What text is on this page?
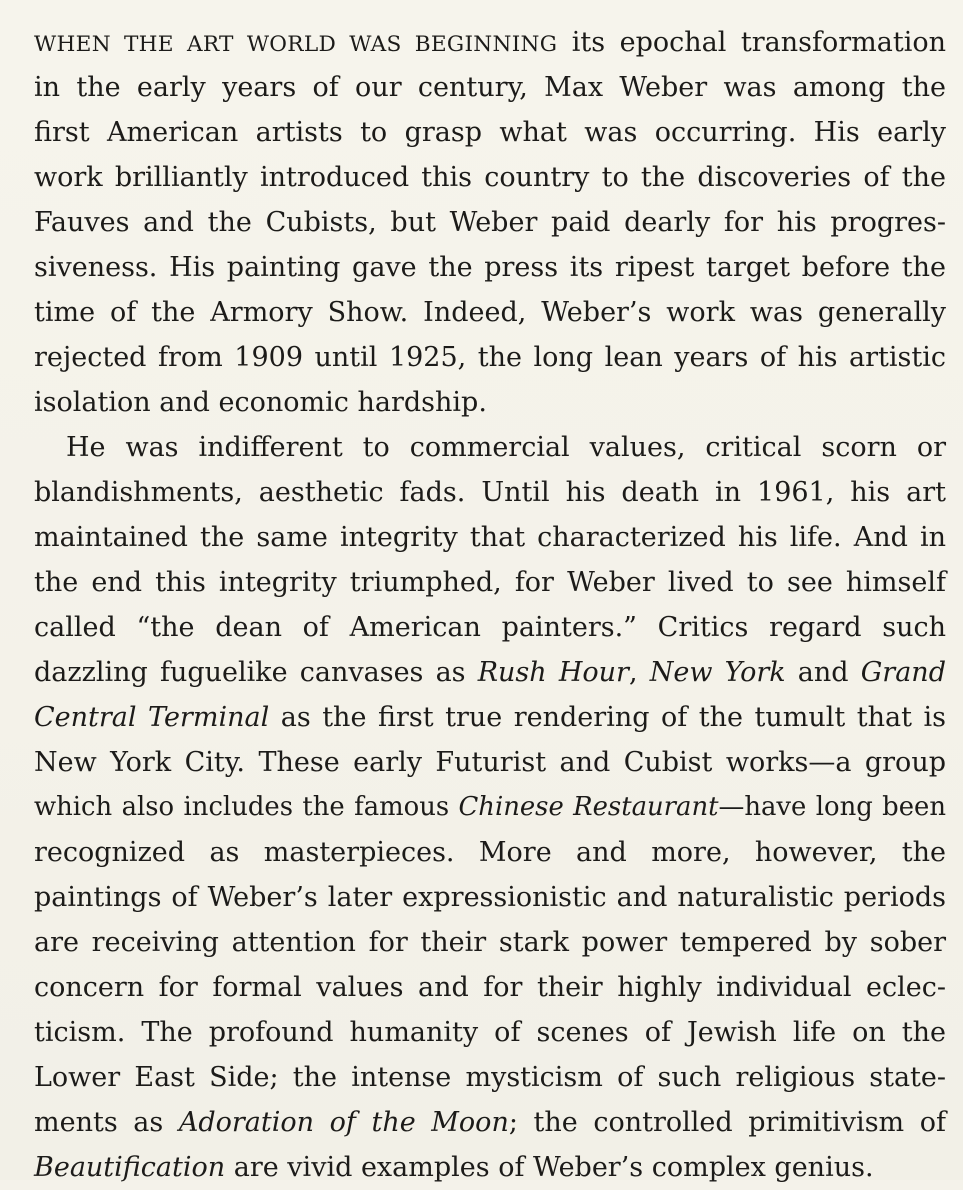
WHEN THE ART WORLD WAS BEGINNING its epochal transformation
in the early years of our century, Max Weber was among the
first American artists to grasp what was occurring. His early
work brilliantly introduced this country to the discoveries of the
Fauves and the Cubists, but Weber paid dearly for his progres-
siveness. His painting gave the press its ripest target before the
time of the Armory Show. Indeed, Weber’s work was generally
rejected from 1909 until 1925, the long lean years of his artistic
isolation and economic hardship.
He was indifferent to commercial values, critical scorn or
blandishments, aesthetic fads. Until his death in 1961, his art
maintained the same integrity that characterized his life. And in
the end this integrity triumphed, for Weber lived to see himself
called “the dean of American painters.” Critics regard such
dazzling fuguelike canvases as Rush Hour, New York and Grand
Central Terminal as the first true rendering of the tumult that is
New York City. These early Futurist and Cubist works—a group
which also includes the famous Chinese Restaurant—have long been
recognized as masterpieces. More and more, however, the
paintings of Weber’s later expressionistic and naturalistic periods
are receiving attention for their stark power tempered by sober
concern for formal values and for their highly individual eclec-
ticism. The profound humanity of scenes of Jewish life on the
Lower East Side; the intense mysticism of such religious state-
ments as Adoration of the Moon; the controlled primitivism of
Beautification are vivid examples of Weber’s complex genius.
